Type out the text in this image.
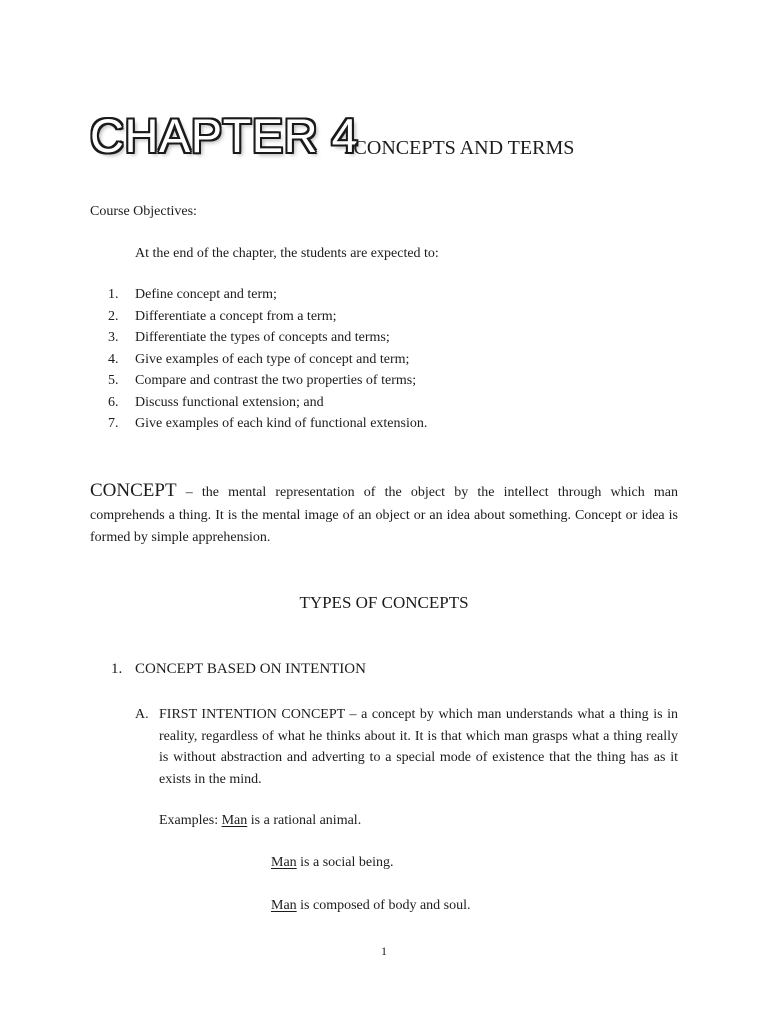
CHAPTER 4
: CONCEPTS AND TERMS
Course Objectives:
At the end of the chapter, the students are expected to:
1.	Define concept and term;
2.	Differentiate a concept from a term;
3.	Differentiate the types of concepts and terms;
4.	Give examples of each type of concept and term;
5.	Compare and contrast the two properties of terms;
6.	Discuss functional extension; and
7.	Give examples of each kind of functional extension.
CONCEPT – the mental representation of the object by the intellect through which man comprehends a thing. It is the mental image of an object or an idea about something. Concept or idea is formed by simple apprehension.
TYPES OF CONCEPTS
1. CONCEPT BASED ON INTENTION
A. FIRST INTENTION CONCEPT – a concept by which man understands what a thing is in reality, regardless of what he thinks about it. It is that which man grasps what a thing really is without abstraction and adverting to a special mode of existence that the thing has as it exists in the mind.
Examples: Man is a rational animal.
Man is a social being.
Man is composed of body and soul.
1
